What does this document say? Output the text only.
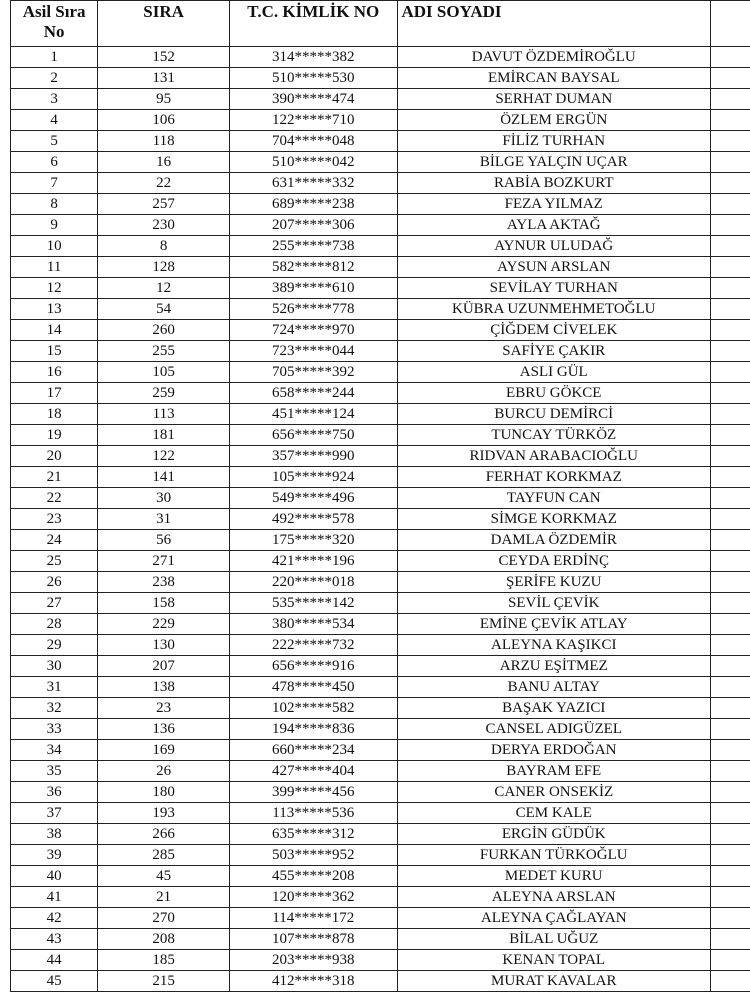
Asil Sıra No	SIRA	T.C. KİMLİK NO	ADI SOYADI	
1	152	314*****382	DAVUT ÖZDEMİROĞLU	
2	131	510*****530	EMİRCAN BAYSAL	
3	95	390*****474	SERHAT DUMAN	
4	106	122*****710	ÖZLEM ERGÜN	
5	118	704*****048	FİLİZ TURHAN	
6	16	510*****042	BİLGE YALÇIN UÇAR	
7	22	631*****332	RABİA BOZKURT	
8	257	689*****238	FEZA YILMAZ	
9	230	207*****306	AYLA AKTAĞ	
10	8	255*****738	AYNUR ULUDAĞ	
11	128	582*****812	AYSUN ARSLAN	
12	12	389*****610	SEVİLAY TURHAN	
13	54	526*****778	KÜBRA UZUNMEHMETOĞLU	
14	260	724*****970	ÇİĞDEM CİVELEK	
15	255	723*****044	SAFİYE ÇAKIR	
16	105	705*****392	ASLI GÜL	
17	259	658*****244	EBRU GÖKCE	
18	113	451*****124	BURCU DEMİRCİ	
19	181	656*****750	TUNCAY TÜRKÖZ	
20	122	357*****990	RIDVAN ARABACIOĞLU	
21	141	105*****924	FERHAT KORKMAZ	
22	30	549*****496	TAYFUN CAN	
23	31	492*****578	SİMGE KORKMAZ	
24	56	175*****320	DAMLA ÖZDEMİR	
25	271	421*****196	CEYDA ERDİNÇ	
26	238	220*****018	ŞERİFE KUZU	
27	158	535*****142	SEVİL ÇEVİK	
28	229	380*****534	EMİNE ÇEVİK ATLAY	
29	130	222*****732	ALEYNA KAŞIKCI	
30	207	656*****916	ARZU EŞİTMEZ	
31	138	478*****450	BANU ALTAY	
32	23	102*****582	BAŞAK YAZICI	
33	136	194*****836	CANSEL ADIGÜZEL	
34	169	660*****234	DERYA ERDOĞAN	
35	26	427*****404	BAYRAM EFE	
36	180	399*****456	CANER ONSEKİZ	
37	193	113*****536	CEM KALE	
38	266	635*****312	ERGİN GÜDÜK	
39	285	503*****952	FURKAN TÜRKOĞLU	
40	45	455*****208	MEDET KURU	
41	21	120*****362	ALEYNA ARSLAN	
42	270	114*****172	ALEYNA ÇAĞLAYAN	
43	208	107*****878	BİLAL UĞUZ	
44	185	203*****938	KENAN TOPAL	
45	215	412*****318	MURAT KAVALAR	
